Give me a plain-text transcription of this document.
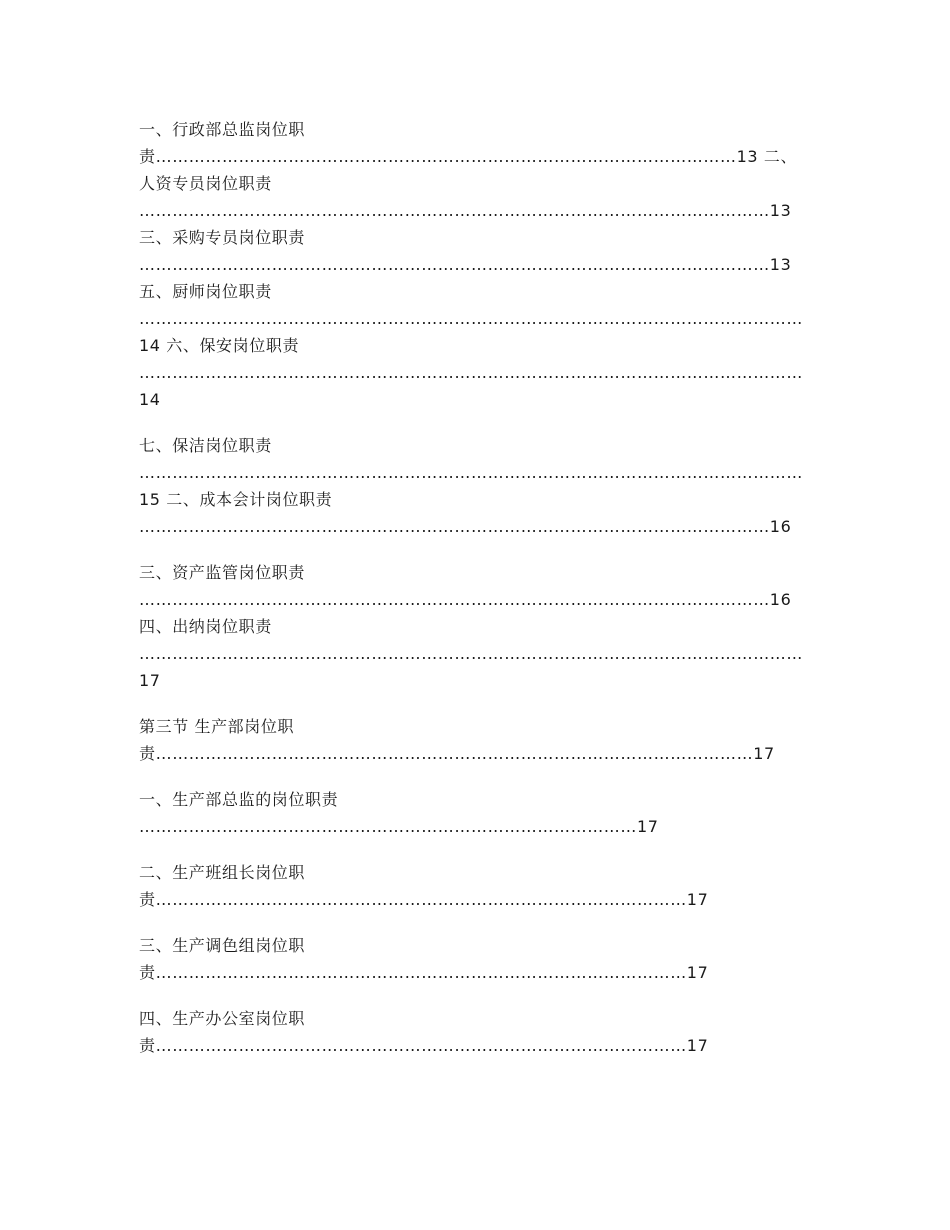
一、行政部总监岗位职
责……………………………………………………………………………………………13 二、
人资专员岗位职责
……………………………………………………………………………………………………13
三、采购专员岗位职责
……………………………………………………………………………………………………13
五、厨师岗位职责
…………………………………………………………………………………………………………
14 六、保安岗位职责
…………………………………………………………………………………………………………
14
七、保洁岗位职责
…………………………………………………………………………………………………………
15 二、成本会计岗位职责
……………………………………………………………………………………………………16
三、资产监管岗位职责
……………………………………………………………………………………………………16
四、出纳岗位职责
…………………………………………………………………………………………………………
17
第三节 生产部岗位职
责………………………………………………………………………………………………17
一、生产部总监的岗位职责
………………………………………………………………………………17
二、生产班组长岗位职
责……………………………………………………………………………………17
三、生产调色组岗位职
责……………………………………………………………………………………17
四、生产办公室岗位职
责……………………………………………………………………………………17
